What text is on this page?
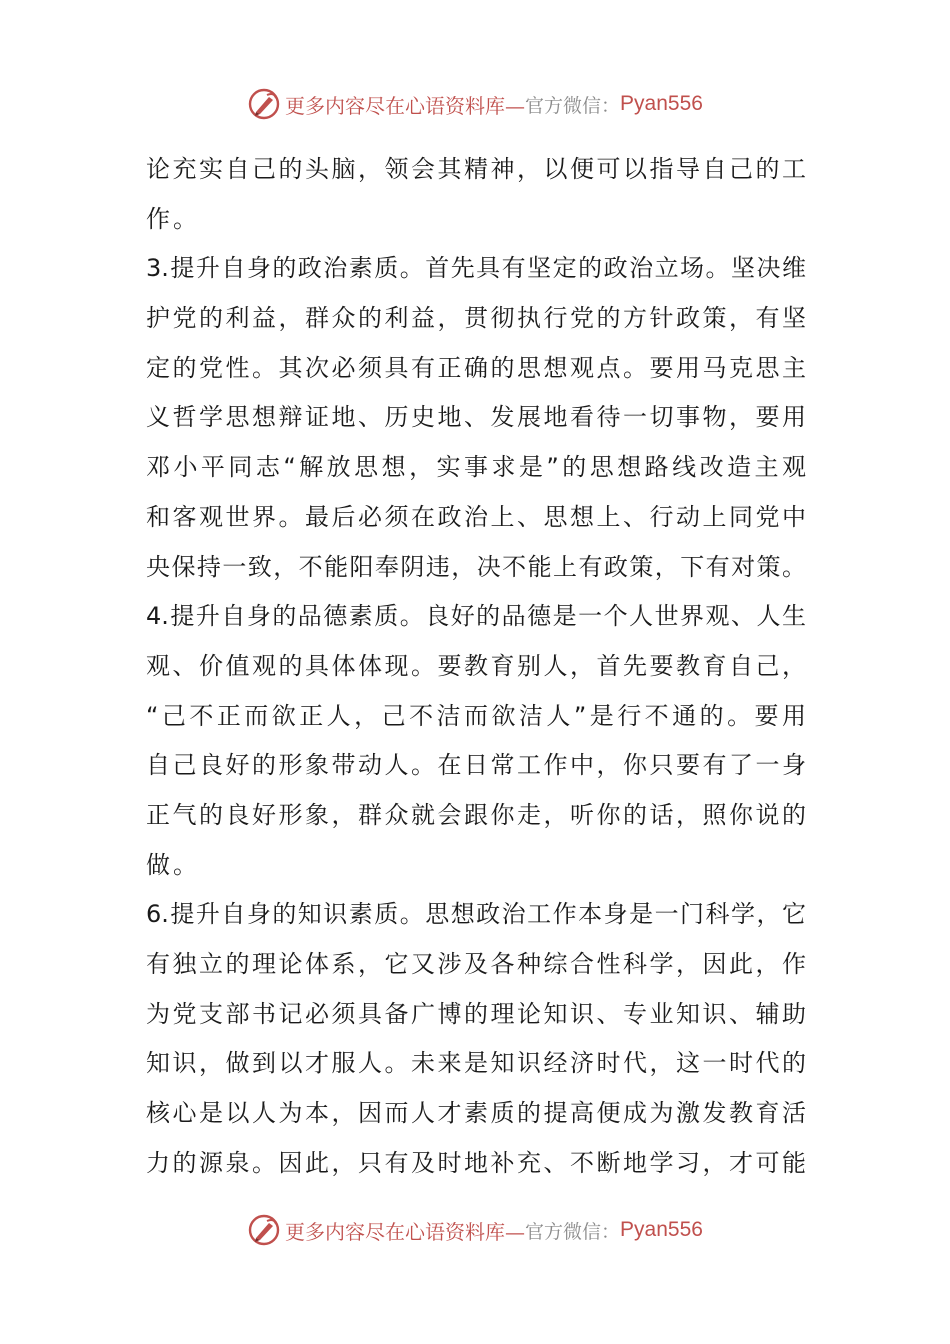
更多内容尽在心语资料库— 官方微信： Pyan556
论充实自己的头脑，领会其精神，以便可以指导自己的工
作。
3.提升自身的政治素质。首先具有坚定的政治立场。坚决维
护党的利益，群众的利益，贯彻执行党的方针政策，有坚
定的党性。其次必须具有正确的思想观点。要用马克思主
义哲学思想辩证地、历史地、发展地看待一切事物，要用
邓小平同志“解放思想，实事求是”的思想路线改造主观
和客观世界。最后必须在政治上、思想上、行动上同党中
央保持一致，不能阳奉阴违，决不能上有政策，下有对策。
4.提升自身的品德素质。良好的品德是一个人世界观、人生
观、价值观的具体体现。要教育别人，首先要教育自己，
“己不正而欲正人，己不洁而欲洁人”是行不通的。要用
自己良好的形象带动人。在日常工作中，你只要有了一身
正气的良好形象，群众就会跟你走，听你的话，照你说的
做。
6.提升自身的知识素质。思想政治工作本身是一门科学，它
有独立的理论体系，它又涉及各种综合性科学，因此，作
为党支部书记必须具备广博的理论知识、专业知识、辅助
知识，做到以才服人。未来是知识经济时代，这一时代的
核心是以人为本，因而人才素质的提高便成为激发教育活
力的源泉。因此，只有及时地补充、不断地学习，才可能
更多内容尽在心语资料库— 官方微信： Pyan556
